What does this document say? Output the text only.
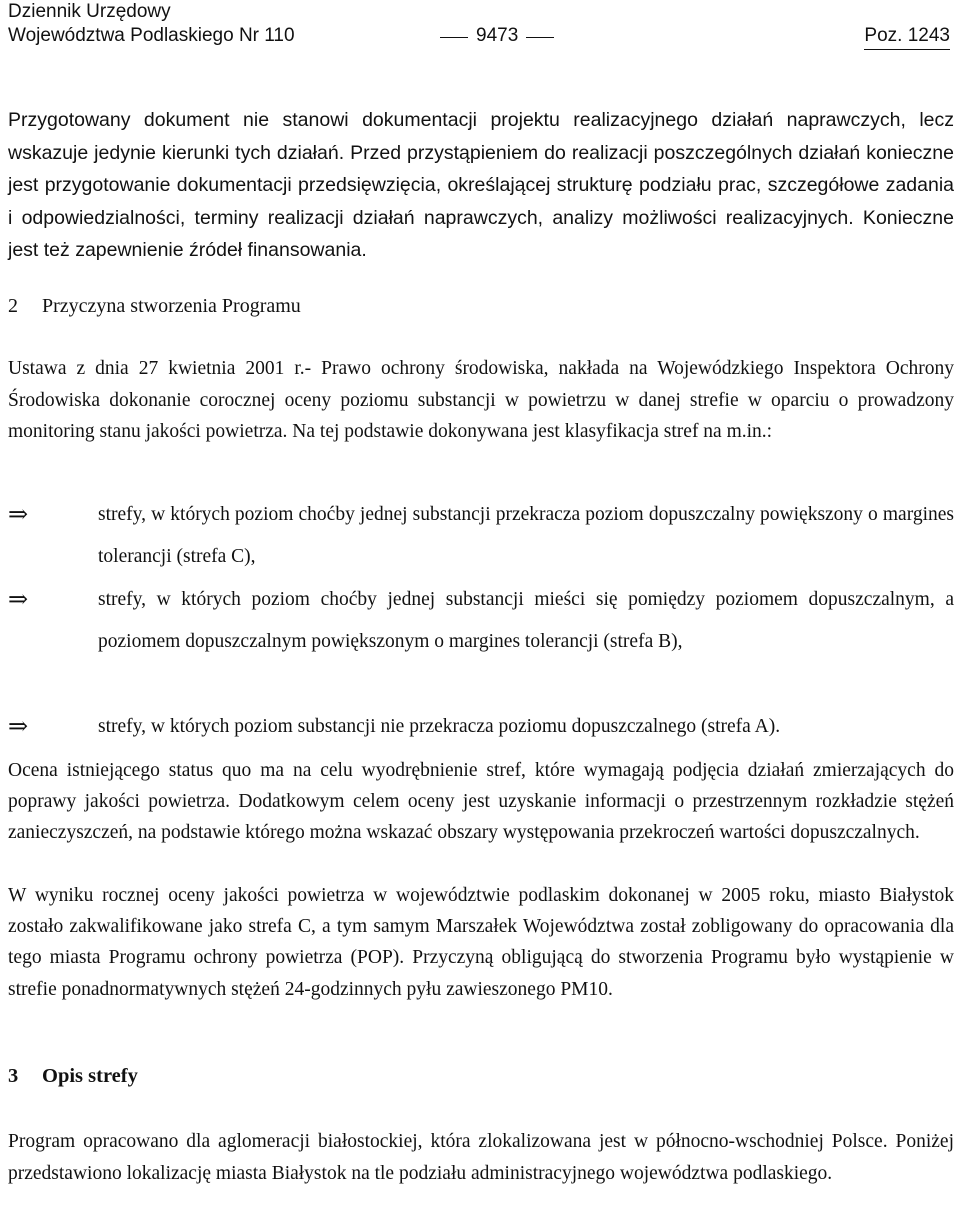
Dziennik Urzędowy
Województwa Podlaskiego Nr 110	9473	Poz. 1243
Przygotowany dokument nie stanowi dokumentacji projektu realizacyjnego działań naprawczych, lecz wskazuje jedynie kierunki tych działań. Przed przystąpieniem do realizacji poszczególnych działań konieczne jest przygotowanie dokumentacji przedsięwzięcia, określającej strukturę podziału prac, szczegółowe zadania i odpowiedzialności, terminy realizacji działań naprawczych, analizy możliwości realizacyjnych. Konieczne jest też zapewnienie źródeł finansowania.
2 Przyczyna stworzenia Programu
Ustawa z dnia 27 kwietnia 2001 r.- Prawo ochrony środowiska, nakłada na Wojewódzkiego Inspektora Ochrony Środowiska dokonanie corocznej oceny poziomu substancji w powietrzu w danej strefie w oparciu o prowadzony monitoring stanu jakości powietrza. Na tej podstawie dokonywana jest klasyfikacja stref na m.in.:
⇒	strefy, w których poziom choćby jednej substancji przekracza poziom dopuszczalny powiększony o margines tolerancji (strefa C),
⇒	strefy, w których poziom choćby jednej substancji mieści się pomiędzy poziomem dopuszczalnym, a poziomem dopuszczalnym powiększonym o margines tolerancji (strefa B),
⇒	strefy, w których poziom substancji nie przekracza poziomu dopuszczalnego (strefa A).
Ocena istniejącego status quo ma na celu wyodrębnienie stref, które wymagają podjęcia działań zmierzających do poprawy jakości powietrza. Dodatkowym celem oceny jest uzyskanie informacji o przestrzennym rozkładzie stężeń zanieczyszczeń, na podstawie którego można wskazać obszary występowania przekroczeń wartości dopuszczalnych.
W wyniku rocznej oceny jakości powietrza w województwie podlaskim dokonanej w 2005 roku, miasto Białystok zostało zakwalifikowane jako strefa C, a tym samym Marszałek Województwa został zobligowany do opracowania dla tego miasta Programu ochrony powietrza (POP). Przyczyną obligującą do stworzenia Programu było wystąpienie w strefie ponadnormatywnych stężeń 24-godzinnych pyłu zawieszonego PM10.
3 Opis strefy
Program opracowano dla aglomeracji białostockiej, która zlokalizowana jest w północno-wschodniej Polsce. Poniżej przedstawiono lokalizację miasta Białystok na tle podziału administracyjnego województwa podlaskiego.
